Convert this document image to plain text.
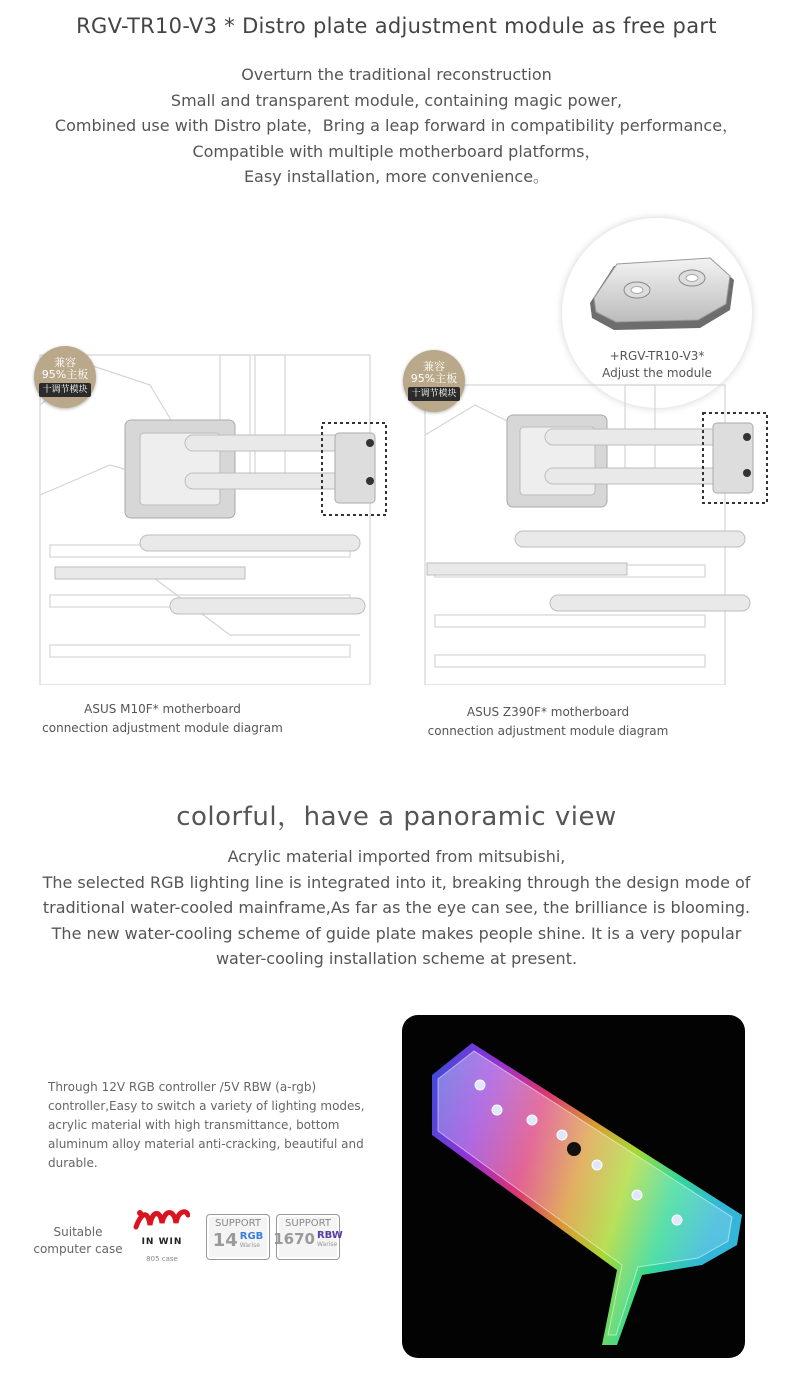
RGV-TR10-V3 * Distro plate adjustment module as free part
Overturn the traditional reconstruction
Small and transparent module, containing magic power,
Combined use with Distro plate，Bring a leap forward in compatibility performance，
Compatible with multiple motherboard platforms，
Easy installation, more convenience。
+RGV-TR10-V3*
Adjust the module
兼容
95%主板
十调节模块
兼容
95%主板
十调节模块
ASUS M10F* motherboard
connection adjustment module diagram
ASUS Z390F* motherboard
connection adjustment module diagram
colorful，have a panoramic view
Acrylic material imported from mitsubishi,
The selected RGB lighting line is integrated into it, breaking through the design mode of
traditional water-cooled mainframe,As far as the eye can see, the brilliance is blooming.
The new water-cooling scheme of guide plate makes people shine. It is a very popular
water-cooling installation scheme at present.
Through 12V RGB controller /5V RBW (a-rgb) controller,Easy to switch a variety of lighting modes, acrylic material with high transmittance, bottom aluminum alloy material anti-cracking, beautiful and durable.
Suitable
computer case	IN WIN
805 case
SUPPORT
14 RGB
Warise
SUPPORT
1670 RBW
Warise
